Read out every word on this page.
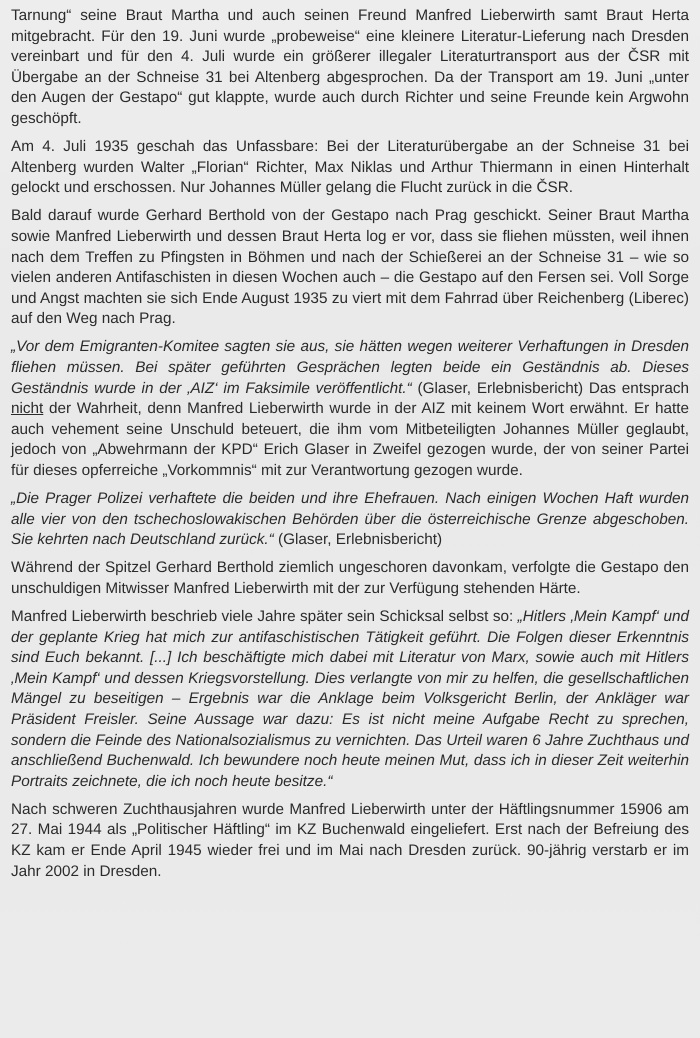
Tarnung“ seine Braut Martha und auch seinen Freund Manfred Lieberwirth samt Braut Herta mitgebracht. Für den 19. Juni wurde „probeweise“ eine kleinere Literatur-Lieferung nach Dresden vereinbart und für den 4. Juli wurde ein größerer illegaler Literaturtransport aus der ČSR mit Übergabe an der Schneise 31 bei Altenberg abgesprochen. Da der Transport am 19. Juni „unter den Augen der Gestapo“ gut klappte, wurde auch durch Richter und seine Freunde kein Argwohn geschöpft.

Am 4. Juli 1935 geschah das Unfassbare: Bei der Literaturübergabe an der Schneise 31 bei Altenberg wurden Walter „Florian“ Richter, Max Niklas und Arthur Thiermann in einen Hinterhalt gelockt und erschossen. Nur Johannes Müller gelang die Flucht zurück in die ČSR.

Bald darauf wurde Gerhard Berthold von der Gestapo nach Prag geschickt. Seiner Braut Martha sowie Manfred Lieberwirth und dessen Braut Herta log er vor, dass sie fliehen müssten, weil ihnen nach dem Treffen zu Pfingsten in Böhmen und nach der Schießerei an der Schneise 31 – wie so vielen anderen Antifaschisten in diesen Wochen auch – die Gestapo auf den Fersen sei. Voll Sorge und Angst machten sie sich Ende August 1935 zu viert mit dem Fahrrad über Reichenberg (Liberec) auf den Weg nach Prag.

„Vor dem Emigranten-Komitee sagten sie aus, sie hätten wegen weiterer Verhaftungen in Dresden fliehen müssen. Bei später geführten Gesprächen legten beide ein Geständnis ab. Dieses Geständnis wurde in der ‚AIZ‘ im Faksimile veröffentlicht.“ (Glaser, Erlebnisbericht) Das entsprach nicht der Wahrheit, denn Manfred Lieberwirth wurde in der AIZ mit keinem Wort erwähnt. Er hatte auch vehement seine Unschuld beteuert, die ihm vom Mitbeteiligten Johannes Müller geglaubt, jedoch von „Abwehrmann der KPD“ Erich Glaser in Zweifel gezogen wurde, der von seiner Partei für dieses opferreiche „Vorkommnis“ mit zur Verantwortung gezogen wurde.

„Die Prager Polizei verhaftete die beiden und ihre Ehefrauen. Nach einigen Wochen Haft wurden alle vier von den tschechoslowakischen Behörden über die österreichische Grenze abgeschoben. Sie kehrten nach Deutschland zurück.“ (Glaser, Erlebnisbericht)

Während der Spitzel Gerhard Berthold ziemlich ungeschoren davonkam, verfolgte die Gestapo den unschuldigen Mitwisser Manfred Lieberwirth mit der zur Verfügung stehenden Härte.

Manfred Lieberwirth beschrieb viele Jahre später sein Schicksal selbst so: „Hitlers ‚Mein Kampf‘ und der geplante Krieg hat mich zur antifaschistischen Tätigkeit geführt. Die Folgen dieser Erkenntnis sind Euch bekannt. [...] Ich beschäftigte mich dabei mit Literatur von Marx, sowie auch mit Hitlers ‚Mein Kampf‘ und dessen Kriegsvorstellung. Dies verlangte von mir zu helfen, die gesellschaftlichen Mängel zu beseitigen – Ergebnis war die Anklage beim Volksgericht Berlin, der Ankläger war Präsident Freisler. Seine Aussage war dazu: Es ist nicht meine Aufgabe Recht zu sprechen, sondern die Feinde des Nationalsozialismus zu vernichten. Das Urteil waren 6 Jahre Zuchthaus und anschließend Buchenwald. Ich bewundere noch heute meinen Mut, dass ich in dieser Zeit weiterhin Portraits zeichnete, die ich noch heute besitze.“

Nach schweren Zuchthausjahren wurde Manfred Lieberwirth unter der Häftlingsnummer 15906 am 27. Mai 1944 als „Politischer Häftling“ im KZ Buchenwald eingeliefert. Erst nach der Befreiung des KZ kam er Ende April 1945 wieder frei und im Mai nach Dresden zurück. 90-jährig verstarb er im Jahr 2002 in Dresden.
